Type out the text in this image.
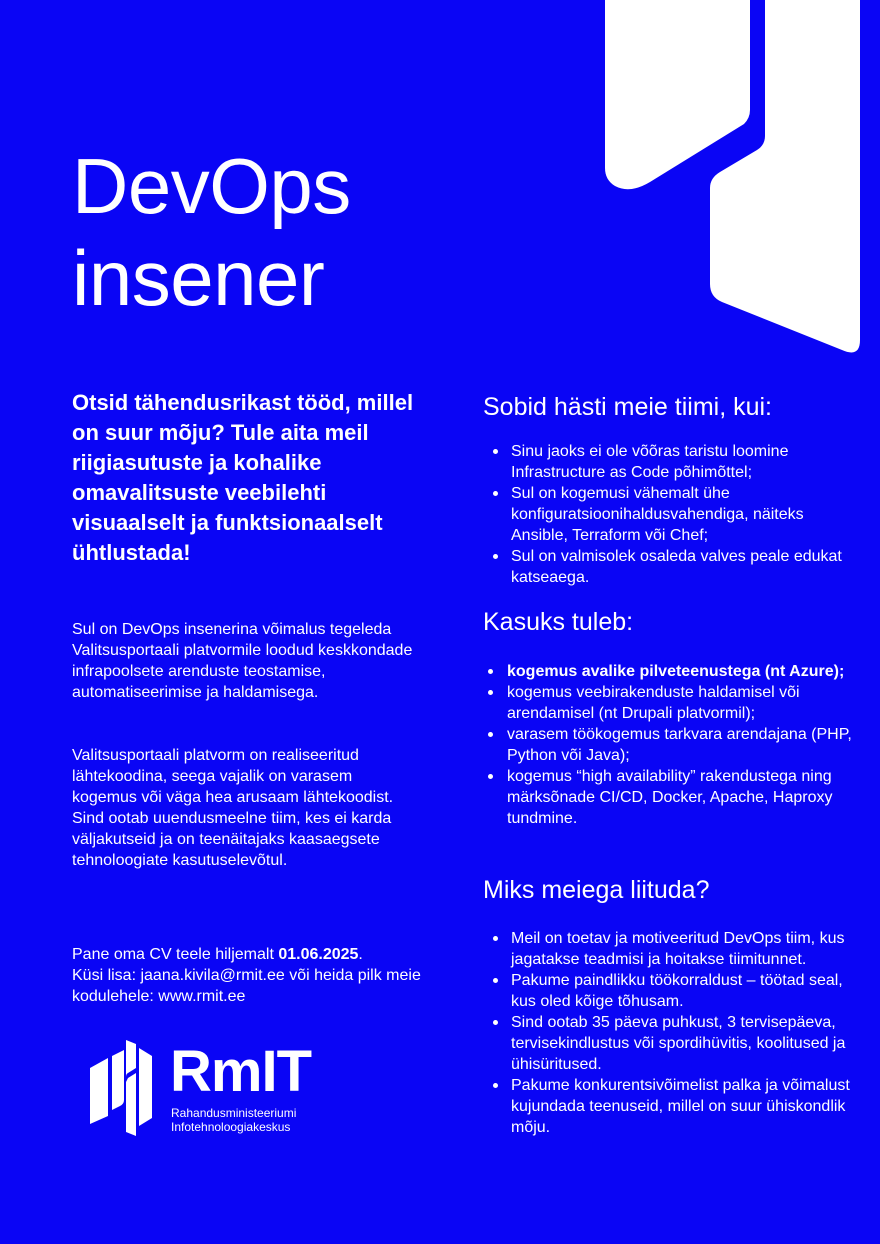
DevOps
insener

Otsid tähendusrikast tööd, millel on suur mõju? Tule aita meil riigiasutuste ja kohalike omavalitsuste veebilehti visuaalselt ja funktsionaalselt ühtlustada!

Sul on DevOps insenerina võimalus tegeleda Valitsusportaali platvormile loodud keskkondade infrapoolsete arenduste teostamise, automatiseerimise ja haldamisega.

Valitsusportaali platvorm on realiseeritud lähtekoodina, seega vajalik on varasem kogemus või väga hea arusaam lähtekoodist. Sind ootab uuendusmeelne tiim, kes ei karda väljakutseid ja on teenäitajaks kaasaegsete tehnoloogiate kasutuselevõtul.

Pane oma CV teele hiljemalt 01.06.2025.
Küsi lisa: jaana.kivila@rmit.ee või heida pilk meie kodulehele: www.rmit.ee

Sobid hästi meie tiimi, kui:
Sinu jaoks ei ole võõras taristu loomine Infrastructure as Code põhimõttel;
Sul on kogemusi vähemalt ühe konfiguratsioonihaldusvahendiga, näiteks Ansible, Terraform või Chef;
Sul on valmisolek osaleda valves peale edukat katseaega.
Kasuks tuleb:
kogemus avalike pilveteenustega (nt Azure);
kogemus veebirakenduste haldamisel või arendamisel (nt Drupali platvormil);
varasem töökogemus tarkvara arendajana (PHP, Python või Java);
kogemus “high availability” rakendustega ning märksõnade CI/CD, Docker, Apache, Haproxy tundmine.
Miks meiega liituda?
Meil on toetav ja motiveeritud DevOps tiim, kus jagatakse teadmisi ja hoitakse tiimitunnet.
Pakume paindlikku töökorraldust – töötad seal, kus oled kõige tõhusam.
Sind ootab 35 päeva puhkust, 3 tervisepäeva, tervisekindlustus või spordihüvitis, koolitused ja ühisüritused.
Pakume konkurentsivõimelist palka ja võimalust kujundada teenuseid, millel on suur ühiskondlik mõju.
RmIT
Rahandusministeeriumi
Infotehnoloogiakeskus
